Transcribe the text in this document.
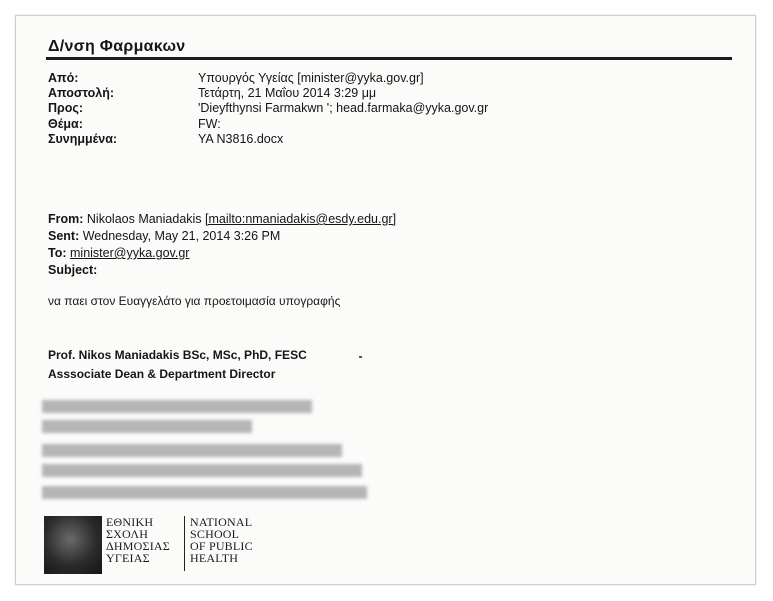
Δ/νση Φαρμακων
Από:	Υπουργός Υγείας [minister@yyka.gov.gr]
Αποστολή:	Τετάρτη, 21 Μαΐου 2014 3:29 μμ
Προς:	'Dieyfthynsi Farmakwn '; head.farmaka@yyka.gov.gr
Θέμα:	FW:
Συνημμένα:	YA N3816.docx
From: Nikolaos Maniadakis [mailto:nmaniadakis@esdy.edu.gr]
Sent: Wednesday, May 21, 2014 3:26 PM
To: minister@yyka.gov.gr
Subject:
να παει στον Ευαγγελάτο για προετοιμασία υπογραφής
Prof. Nikos Maniadakis BSc, MSc, PhD, FESC
Asssociate Dean & Department Director
ΕΘΝΙΚΗ
ΣΧΟΛΗ
ΔΗΜΟΣΙΑΣ
ΥΓΕΙΑΣ
NATIONAL
SCHOOL
OF PUBLIC
HEALTH
